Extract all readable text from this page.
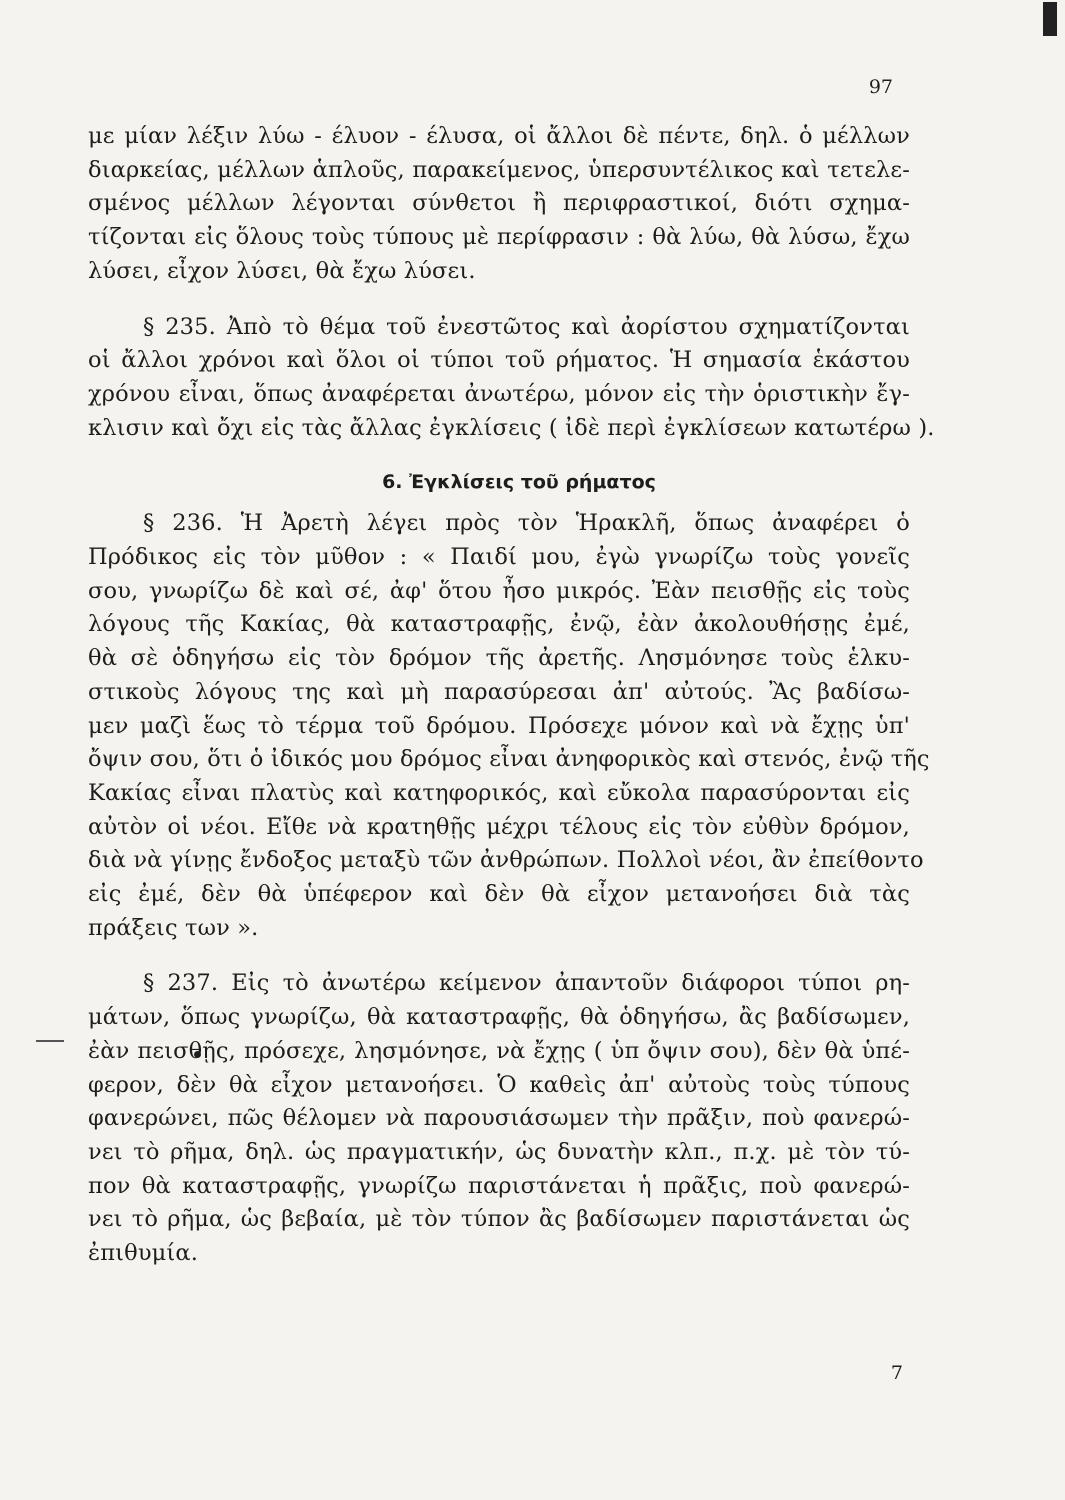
97
με μίαν λέξιν λύω - έλυον - έλυσα, οἱ ἄλλοι δὲ πέντε, δηλ. ὁ μέλλων
διαρκείας, μέλλων ἁπλοῦς, παρακείμενος, ὑπερσυντέλικος καὶ τετελε-
σμένος μέλλων λέγονται σύνθετοι ἢ περιφραστικοί, διότι σχημα-
τίζονται εἰς ὅλους τοὺς τύπους μὲ περίφρασιν : θὰ λύω, θὰ λύσω, ἔχω
λύσει, εἶχον λύσει, θὰ ἔχω λύσει.
§ 235. Ἀπὸ τὸ θέμα τοῦ ἐνεστῶτος καὶ ἀορίστου σχηματίζονται
οἱ ἄλλοι χρόνοι καὶ ὅλοι οἱ τύποι τοῦ ρήματος. Ἡ σημασία ἑκάστου
χρόνου εἶναι, ὅπως ἀναφέρεται ἀνωτέρω, μόνον εἰς τὴν ὁριστικὴν ἔγ-
κλισιν καὶ ὄχι εἰς τὰς ἄλλας ἐγκλίσεις ( ἰδὲ περὶ ἐγκλίσεων κατωτέρω ).
6. Ἐγκλίσεις τοῦ ρήματος
§ 236. Ἡ Ἀρετὴ λέγει πρὸς τὸν Ἡρακλῆ, ὅπως ἀναφέρει ὁ
Πρόδικος εἰς τὸν μῦθον : « Παιδί μου, ἐγὼ γνωρίζω τοὺς γονεῖς
σου, γνωρίζω δὲ καὶ σέ, ἀφ' ὅτου ἦσο μικρός. Ἐὰν πεισθῇς εἰς τοὺς
λόγους τῆς Κακίας, θὰ καταστραφῇς, ἐνῷ, ἐὰν ἀκολουθήσῃς ἐμέ,
θὰ σὲ ὁδηγήσω εἰς τὸν δρόμον τῆς ἀρετῆς. Λησμόνησε τοὺς ἑλκυ-
στικοὺς λόγους της καὶ μὴ παρασύρεσαι ἀπ' αὐτούς. Ἂς βαδίσω-
μεν μαζὶ ἕως τὸ τέρμα τοῦ δρόμου. Πρόσεχε μόνον καὶ νὰ ἔχῃς ὑπ'
ὄψιν σου, ὅτι ὁ ἰδικός μου δρόμος εἶναι ἀνηφορικὸς καὶ στενός, ἐνῷ τῆς
Κακίας εἶναι πλατὺς καὶ κατηφορικός, καὶ εὔκολα παρασύρονται εἰς
αὐτὸν οἱ νέοι. Εἴθε νὰ κρατηθῇς μέχρι τέλους εἰς τὸν εὐθὺν δρόμον,
διὰ νὰ γίνῃς ἔνδοξος μεταξὺ τῶν ἀνθρώπων. Πολλοὶ νέοι, ἂν ἐπείθοντο
εἰς ἐμέ, δὲν θὰ ὑπέφερον καὶ δὲν θὰ εἶχον μετανοήσει διὰ τὰς
πράξεις των ».
§ 237. Εἰς τὸ ἀνωτέρω κείμενον ἀπαντοῦν διάφοροι τύποι ρη-
μάτων, ὅπως γνωρίζω, θὰ καταστραφῇς, θὰ ὁδηγήσω, ἂς βαδίσωμεν,
ἐὰν πεισθῇς, πρόσεχε, λησμόνησε, νὰ ἔχῃς ( ὑπ ὄψιν σου), δὲν θὰ ὑπέ-
φερον, δὲν θὰ εἶχον μετανοήσει. Ὁ καθεὶς ἀπ' αὐτοὺς τοὺς τύπους
φανερώνει, πῶς θέλομεν νὰ παρουσιάσωμεν τὴν πρᾶξιν, ποὺ φανερώ-
νει τὸ ρῆμα, δηλ. ὡς πραγματικήν, ὡς δυνατὴν κλπ., π.χ. μὲ τὸν τύ-
πον θὰ καταστραφῇς, γνωρίζω παριστάνεται ἡ πρᾶξις, ποὺ φανερώ-
νει τὸ ρῆμα, ὡς βεβαία, μὲ τὸν τύπον ἂς βαδίσωμεν παριστάνεται ὡς
ἐπιθυμία.
7
